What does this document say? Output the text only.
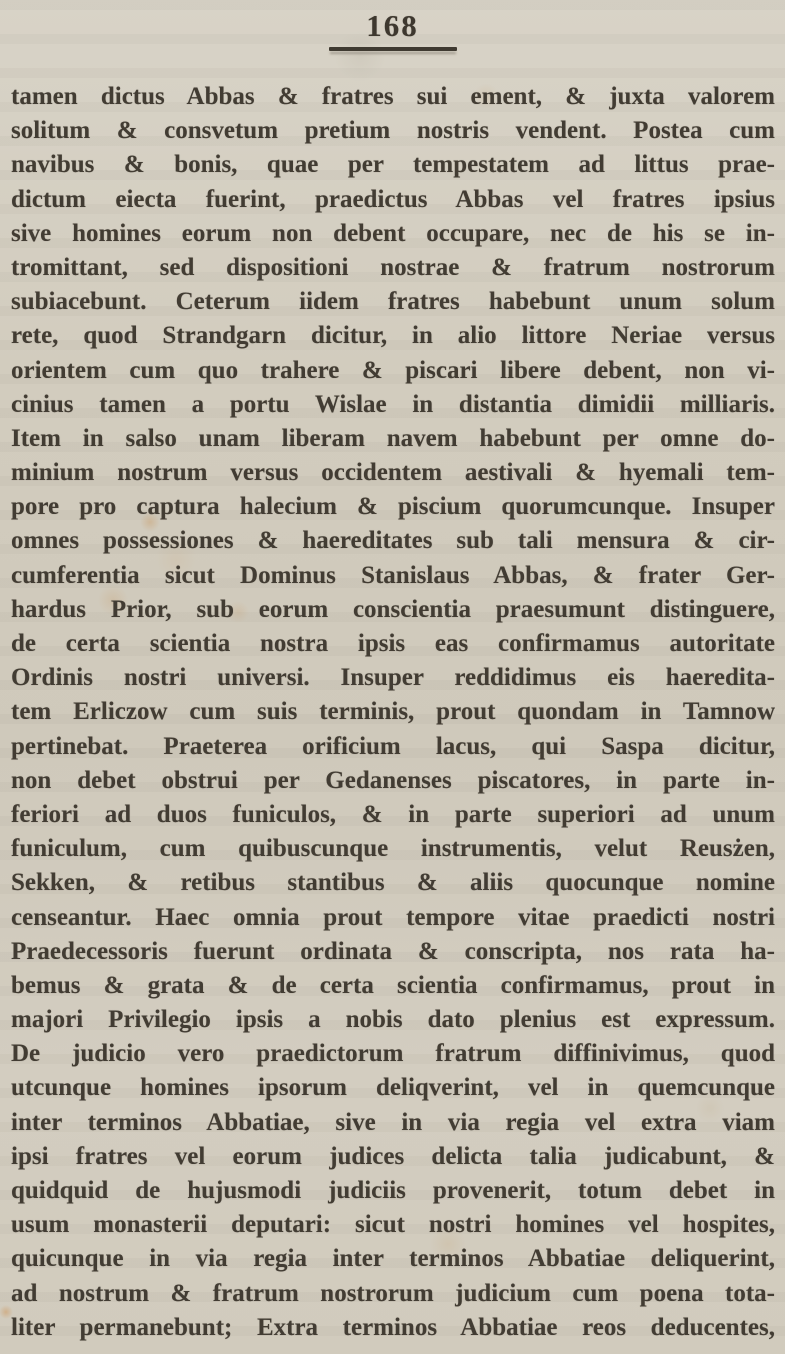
168
tamen dictus Abbas & fratres sui ement, & juxta valorem
solitum & consvetum pretium nostris vendent. Postea cum
navibus & bonis, quae per tempestatem ad littus prae-
dictum eiecta fuerint, praedictus Abbas vel fratres ipsius
sive homines eorum non debent occupare, nec de his se in-
tromittant, sed dispositioni nostrae & fratrum nostrorum
subiacebunt. Ceterum iidem fratres habebunt unum solum
rete, quod Strandgarn dicitur, in alio littore Neriae versus
orientem cum quo trahere & piscari libere debent, non vi-
cinius tamen a portu Wislae in distantia dimidii milliaris.
Item in salso unam liberam navem habebunt per omne do-
minium nostrum versus occidentem aestivali & hyemali tem-
pore pro captura halecium & piscium quorumcunque. Insuper
omnes possessiones & haereditates sub tali mensura & cir-
cumferentia sicut Dominus Stanislaus Abbas, & frater Ger-
hardus Prior, sub eorum conscientia praesumunt distinguere,
de certa scientia nostra ipsis eas confirmamus autoritate
Ordinis nostri universi. Insuper reddidimus eis haeredita-
tem Erliczow cum suis terminis, prout quondam in Tamnow
pertinebat. Praeterea orificium lacus, qui Saspa dicitur,
non debet obstrui per Gedanenses piscatores, in parte in-
feriori ad duos funiculos, & in parte superiori ad unum
funiculum, cum quibuscunque instrumentis, velut Reusżen,
Sekken, & retibus stantibus & aliis quocunque nomine
censeantur. Haec omnia prout tempore vitae praedicti nostri
Praedecessoris fuerunt ordinata & conscripta, nos rata ha-
bemus & grata & de certa scientia confirmamus, prout in
majori Privilegio ipsis a nobis dato plenius est expressum.
De judicio vero praedictorum fratrum diffinivimus, quod
utcunque homines ipsorum deliqverint, vel in quemcunque
inter terminos Abbatiae, sive in via regia vel extra viam
ipsi fratres vel eorum judices delicta talia judicabunt, &
quidquid de hujusmodi judiciis provenerit, totum debet in
usum monasterii deputari: sicut nostri homines vel hospites,
quicunque in via regia inter terminos Abbatiae deliquerint,
ad nostrum & fratrum nostrorum judicium cum poena tota-
liter permanebunt; Extra terminos Abbatiae reos deducentes,
